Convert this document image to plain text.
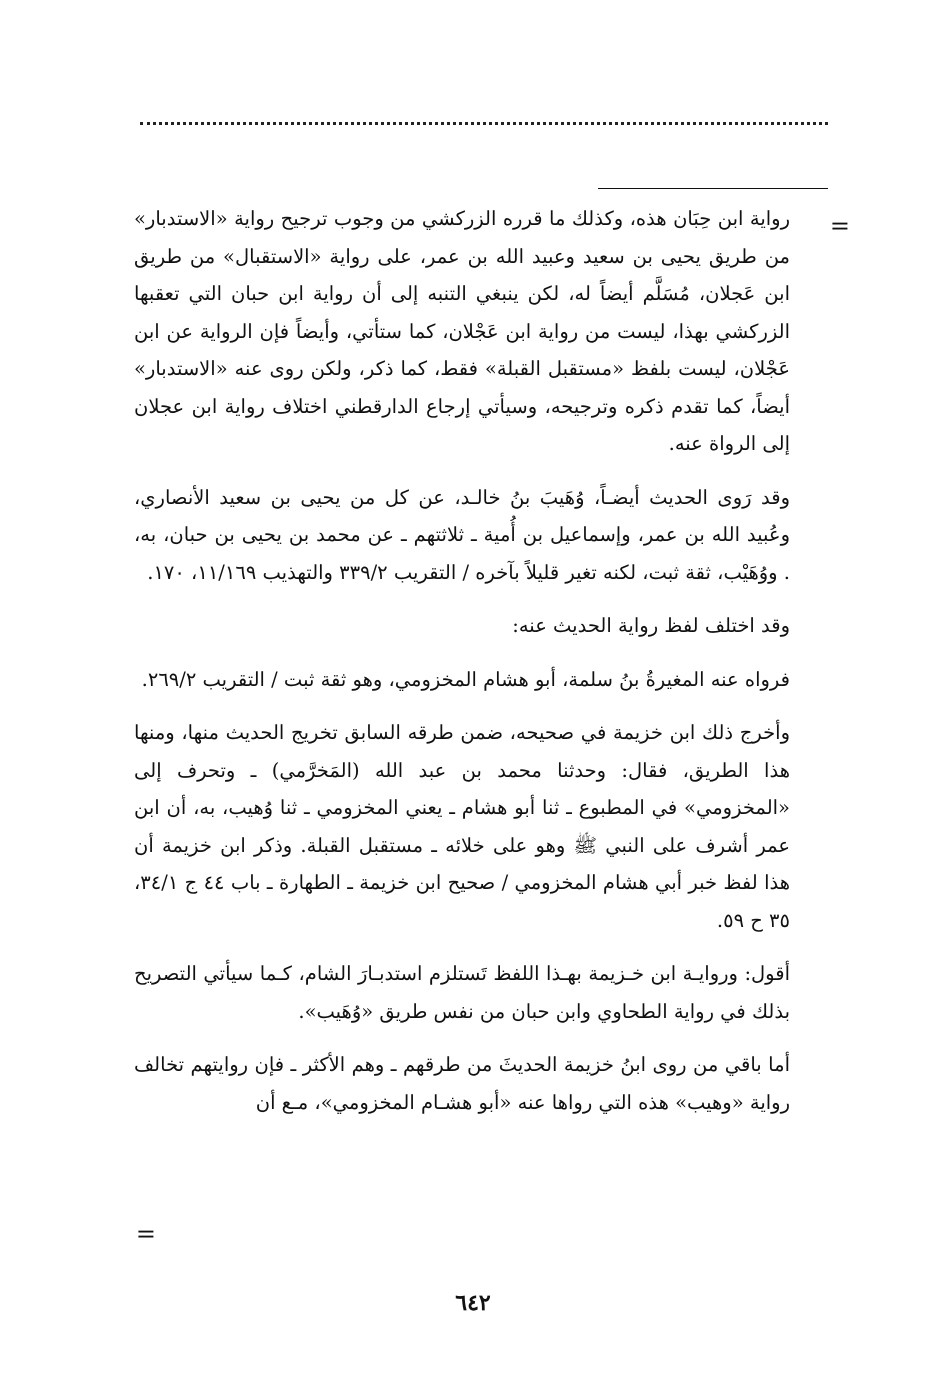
=

رواية ابن حِبَان هذه، وكذلك ما قرره الزركشي من وجوب ترجيح رواية «الاستدبار» من طريق يحيى بن سعيد وعبيد الله بن عمر، على رواية «الاستقبال» من طريق ابن عَجلان، مُسَلَّم أيضاً له، لكن ينبغي التنبه إلى أن رواية ابن حبان التي تعقبها الزركشي بهذا، ليست من رواية ابن عَجْلان، كما ستأتي، وأيضاً فإن الرواية عن ابن عَجْلان، ليست بلفظ «مستقبل القبلة» فقط، كما ذكر، ولكن روى عنه «الاستدبار» أيضاً، كما تقدم ذكره وترجيحه، وسيأتي إرجاع الدارقطني اختلاف رواية ابن عجلان إلى الرواة عنه.

وقد رَوى الحديث أيضـاً، وُهَيبَ بنُ خالـد، عن كل من يحيى بن سعيد الأنصاري، وعُبيد الله بن عمر، وإسماعيل بن أُمية ـ ثلاثتهم ـ عن محمد بن يحيى بن حبان، به، . ووُهَيْب، ثقة ثبت، لكنه تغير قليلاً بآخره / التقريب ٣٣٩/٢ والتهذيب ١١/١٦٩، ١٧٠.

وقد اختلف لفظ رواية الحديث عنه:

فرواه عنه المغيرةُ بنُ سلمة، أبو هشام المخزومي، وهو ثقة ثبت / التقريب ٢٦٩/٢.

وأخرج ذلك ابن خزيمة في صحيحه، ضمن طرقه السابق تخريج الحديث منها، ومنها هذا الطريق، فقال: وحدثنا محمد بن عبد الله (المَخرَّمي) ـ وتحرف إلى «المخزومي» في المطبوع ـ ثنا أبو هشام ـ يعني المخزومي ـ ثنا وُهيب، به، أن ابن عمر أشرف على النبي ﷺ وهو على خلائه ـ مستقبل القبلة. وذكر ابن خزيمة أن هذا لفظ خبر أبي هشام المخزومي / صحيح ابن خزيمة ـ الطهارة ـ باب ٤٤ ج ٣٤/١، ٣٥ ح ٥٩.

أقول: وروايـة ابن خـزيمة بهـذا اللفظ تَستلزم استدبـارَ الشام، كـما سيأتي التصريح بذلك في رواية الطحاوي وابن حبان من نفس طريق «وُهَيب».

أما باقي من روى ابنُ خزيمة الحديثَ من طرقهم ـ وهم الأكثر ـ فإن روايتهم تخالف رواية «وهيب» هذه التي رواها عنه «أبو هشـام المخزومي»، مـع أن

=
٦٤٢
